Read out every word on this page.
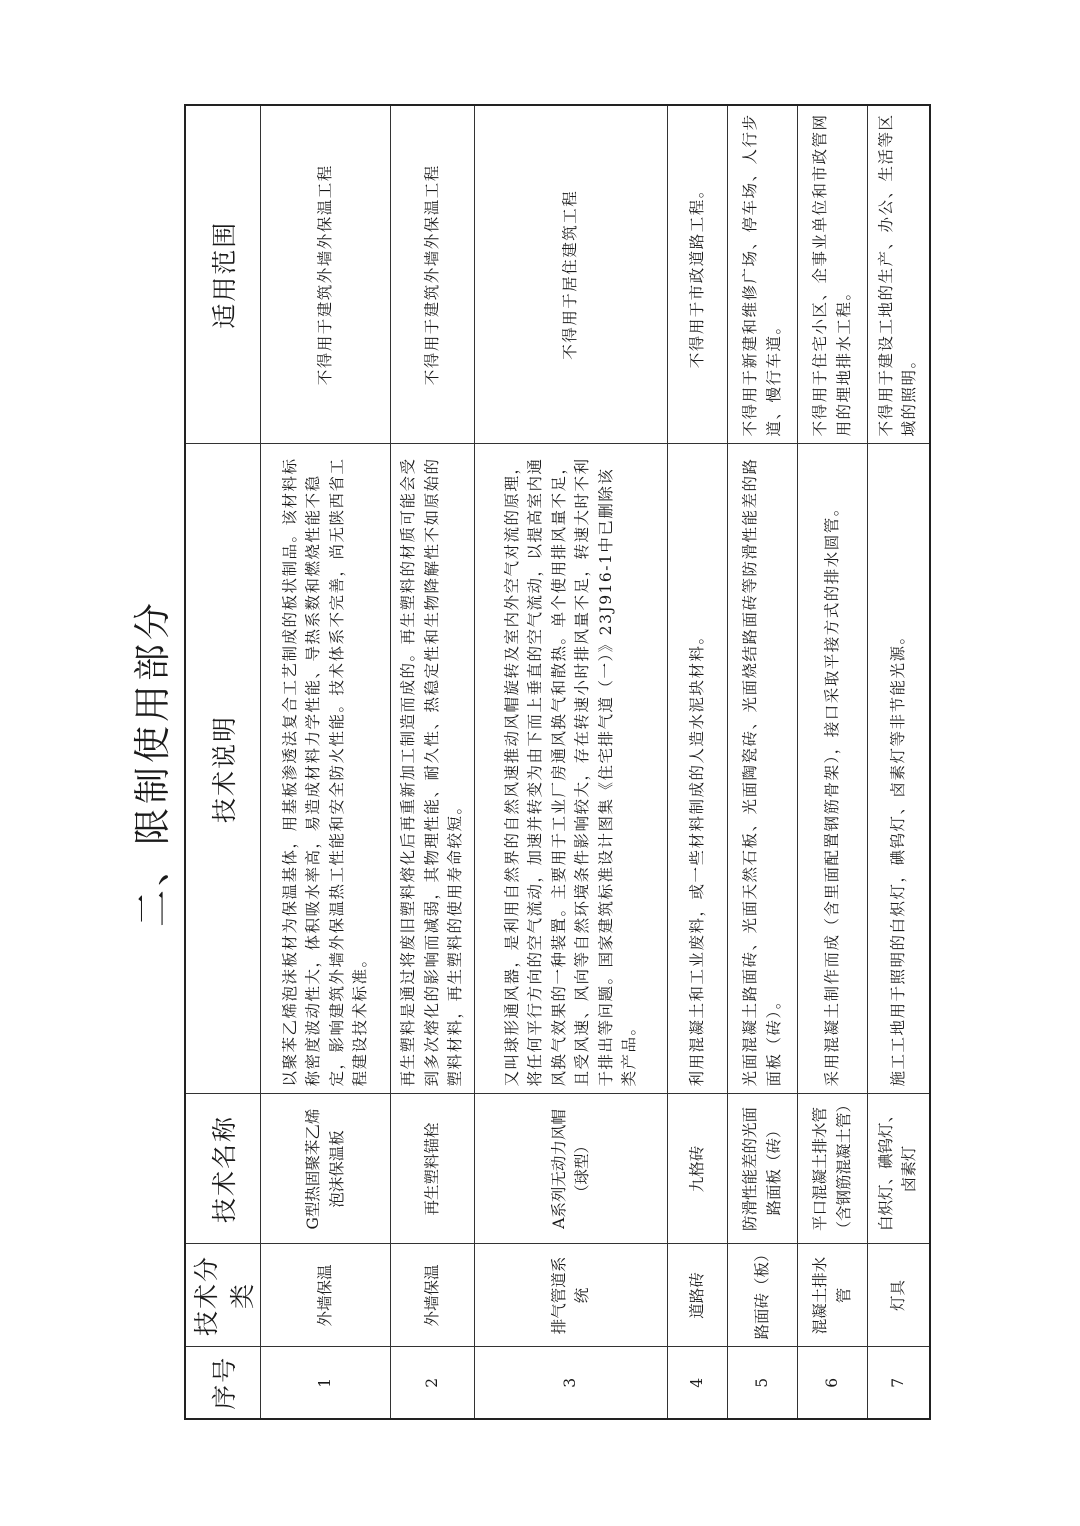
二、限制使用部分
序号	技术分类	技术名称	技术说明	适用范围
1	外墙保温	G型热固聚苯乙烯泡沫保温板	以聚苯乙烯泡沫板材为保温基体，用基板渗透法复合工艺制成的板状制品。该材料标称密度波动性大，体积吸水率高，易造成材料力学性能、导热系数和燃烧性能不稳定，影响建筑外墙外保温热工性能和安全防火性能。技术体系不完善，尚无陕西省工程建设技术标准。	不得用于建筑外墙外保温工程
2	外墙保温	再生塑料锚栓	再生塑料是通过将废旧塑料熔化后再重新加工制造而成的。再生塑料的材质可能会受到多次熔化的影响而减弱，其物理性能、耐久性、热稳定性和生物降解性不如原始的塑料材料，再生塑料的使用寿命较短。	不得用于建筑外墙外保温工程
3	排气管道系统	A系列无动力风帽（球型）	又叫球形通风器，是利用自然界的自然风速推动风帽旋转及室内外空气对流的原理，将任何平行方向的空气流动，加速并转变为由下而上垂直的空气流动，以提高室内通风换气效果的一种装置。主要用于工业厂房通风换气和散热。单个使用排风量不足，且受风速、风向等自然环境条件影响较大，存在转速小时排风量不足，转速大时不利于排出等问题。国家建筑标准设计图集《住宅排气道（一）》23J916-1中已删除该类产品。	不得用于居住建筑工程
4	道路砖	九格砖	利用混凝土和工业废料，或一些材料制成的人造水泥块材料。	不得用于市政道路工程。
5	路面砖（板）	防滑性能差的光面路面板（砖）	光面混凝土路面砖、光面天然石板、光面陶瓷砖、光面烧结路面砖等防滑性能差的路面板（砖）。	不得用于新建和维修广场、停车场、人行步道、慢行车道。
6	混凝土排水管	平口混凝土排水管（含钢筋混凝土管）	采用混凝土制作而成（含里面配置钢筋骨架），接口采取平接方式的排水圆管。	不得用于住宅小区、企事业单位和市政管网用的埋地排水工程。
7	灯具	白炽灯、碘钨灯、卤素灯	施工工地用于照明的白炽灯，碘钨灯、卤素灯等非节能光源。	不得用于建设工地的生产、办公、生活等区域的照明。
